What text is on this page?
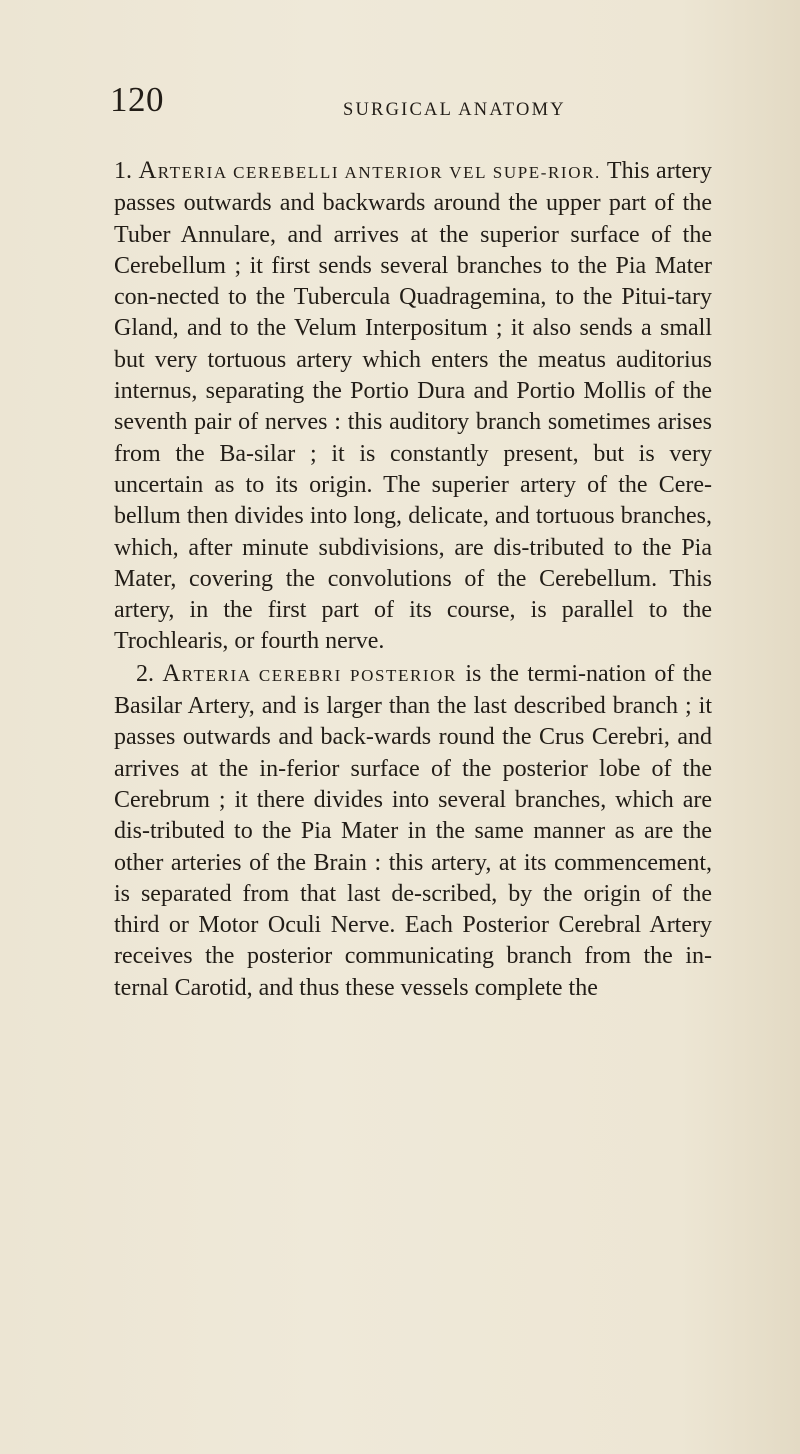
120	SURGICAL ANATOMY

1. ARTERIA CEREBELLI ANTERIOR VEL SUPE-RIOR. This artery passes outwards and backwards around the upper part of the Tuber Annulare, and arrives at the superior surface of the Cerebellum ; it first sends several branches to the Pia Mater con-nected to the Tubercula Quadragemina, to the Pitui-tary Gland, and to the Velum Interpositum ; it also sends a small but very tortuous artery which enters the meatus auditorius internus, separating the Portio Dura and Portio Mollis of the seventh pair of nerves : this auditory branch sometimes arises from the Ba-silar ; it is constantly present, but is very uncertain as to its origin. The superier artery of the Cere-bellum then divides into long, delicate, and tortuous branches, which, after minute subdivisions, are dis-tributed to the Pia Mater, covering the convolutions of the Cerebellum. This artery, in the first part of its course, is parallel to the Trochlearis, or fourth nerve.

2. ARTERIA CEREBRI POSTERIOR is the termi-nation of the Basilar Artery, and is larger than the last described branch ; it passes outwards and back-wards round the Crus Cerebri, and arrives at the in-ferior surface of the posterior lobe of the Cerebrum ; it there divides into several branches, which are dis-tributed to the Pia Mater in the same manner as are the other arteries of the Brain : this artery, at its commencement, is separated from that last de-scribed, by the origin of the third or Motor Oculi Nerve. Each Posterior Cerebral Artery receives the posterior communicating branch from the in-ternal Carotid, and thus these vessels complete the
